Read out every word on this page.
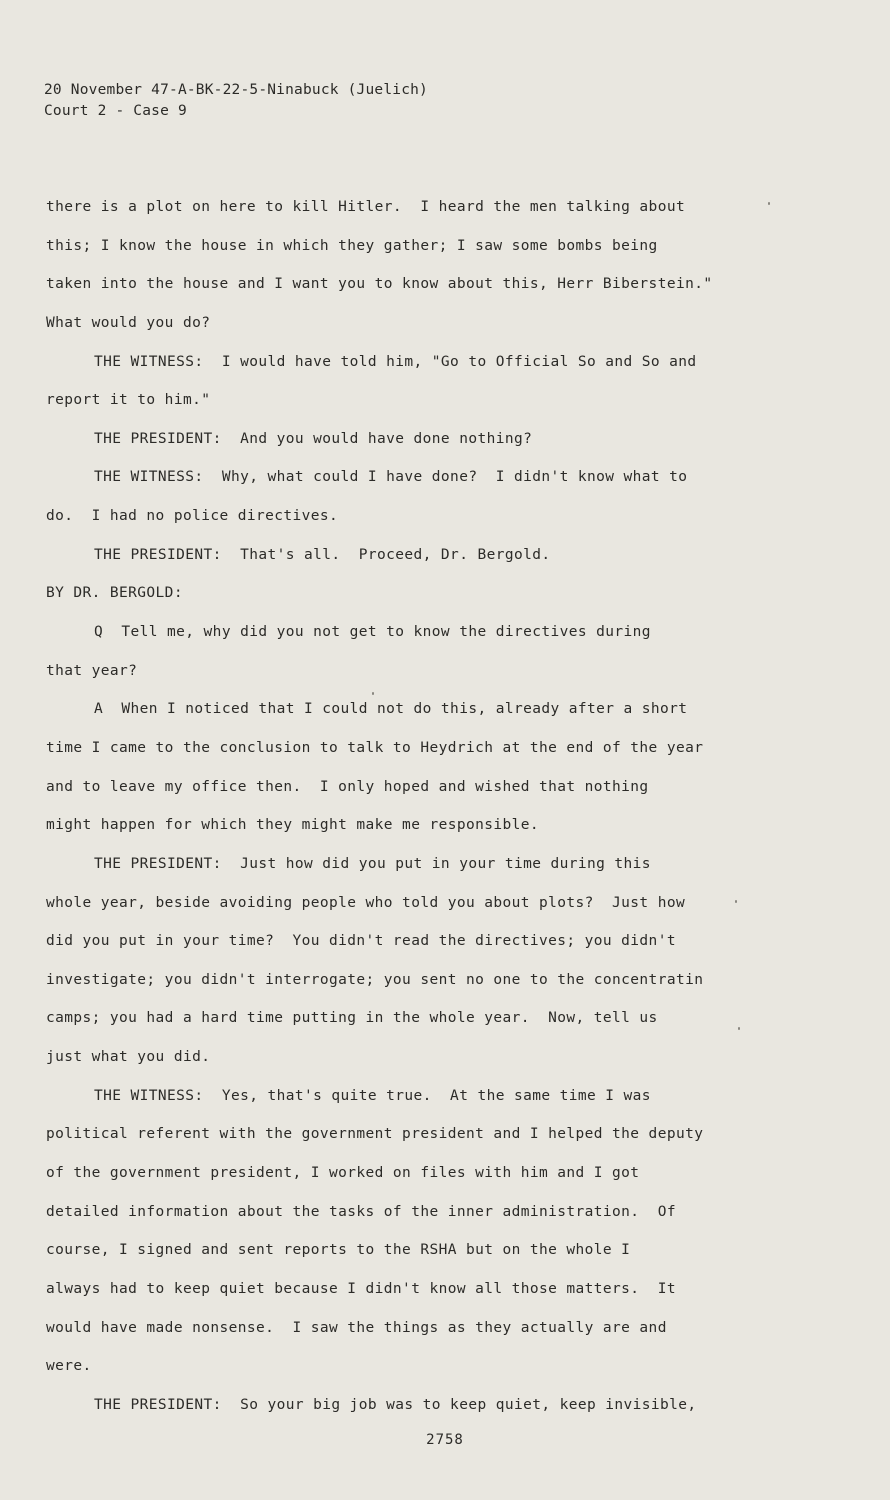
20 November 47-A-BK-22-5-Ninabuck (Juelich)
Court 2 - Case 9
there is a plot on here to kill Hitler.  I heard the men talking about
this; I know the house in which they gather; I saw some bombs being
taken into the house and I want you to know about this, Herr Biberstein."
What would you do?
THE WITNESS:  I would have told him, "Go to Official So and So and
report it to him."
THE PRESIDENT:  And you would have done nothing?
THE WITNESS:  Why, what could I have done?  I didn't know what to
do.  I had no police directives.
THE PRESIDENT:  That's all.  Proceed, Dr. Bergold.
BY DR. BERGOLD:
Q  Tell me, why did you not get to know the directives during
that year?
A  When I noticed that I could not do this, already after a short
time I came to the conclusion to talk to Heydrich at the end of the year
and to leave my office then.  I only hoped and wished that nothing
might happen for which they might make me responsible.
THE PRESIDENT:  Just how did you put in your time during this
whole year, beside avoiding people who told you about plots?  Just how
did you put in your time?  You didn't read the directives; you didn't
investigate; you didn't interrogate; you sent no one to the concentratin
camps; you had a hard time putting in the whole year.  Now, tell us
just what you did.
THE WITNESS:  Yes, that's quite true.  At the same time I was
political referent with the government president and I helped the deputy
of the government president, I worked on files with him and I got
detailed information about the tasks of the inner administration.  Of
course, I signed and sent reports to the RSHA but on the whole I
always had to keep quiet because I didn't know all those matters.  It
would have made nonsense.  I saw the things as they actually are and
were.
THE PRESIDENT:  So your big job was to keep quiet, keep invisible,
2758
